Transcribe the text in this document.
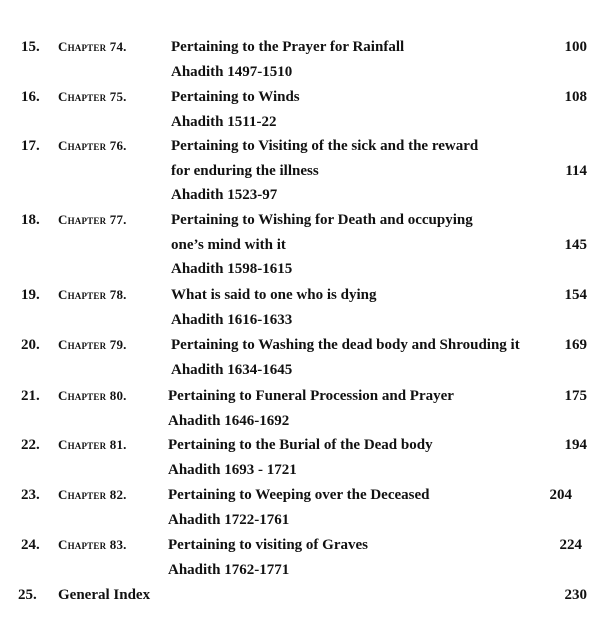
15.	Chapter 74.	Pertaining to the Prayer for Rainfall
Ahadith 1497-1510
100
16.	Chapter 75.	Pertaining to Winds
Ahadith 1511-22
108
17.	Chapter 76.	Pertaining to Visiting of the sick and the reward
for enduring the illness
Ahadith 1523-97
114
18.	Chapter 77.	Pertaining to Wishing for Death and occupying
one’s mind with it
Ahadith 1598-1615
145
19.	Chapter 78.	What is said to one who is dying
Ahadith 1616-1633
154
20.	Chapter 79.	Pertaining to Washing the dead body and Shrouding it
Ahadith 1634-1645
169
21.	Chapter 80.	Pertaining to Funeral Procession and Prayer
Ahadith 1646-1692
175
22.	Chapter 81.	Pertaining to the Burial of the Dead body
Ahadith 1693 - 1721
194
23.	Chapter 82.	Pertaining to Weeping over the Deceased
Ahadith 1722-1761
204
24.	Chapter 83.	Pertaining to visiting of Graves
Ahadith 1762-1771
224
25.	General Index	230
